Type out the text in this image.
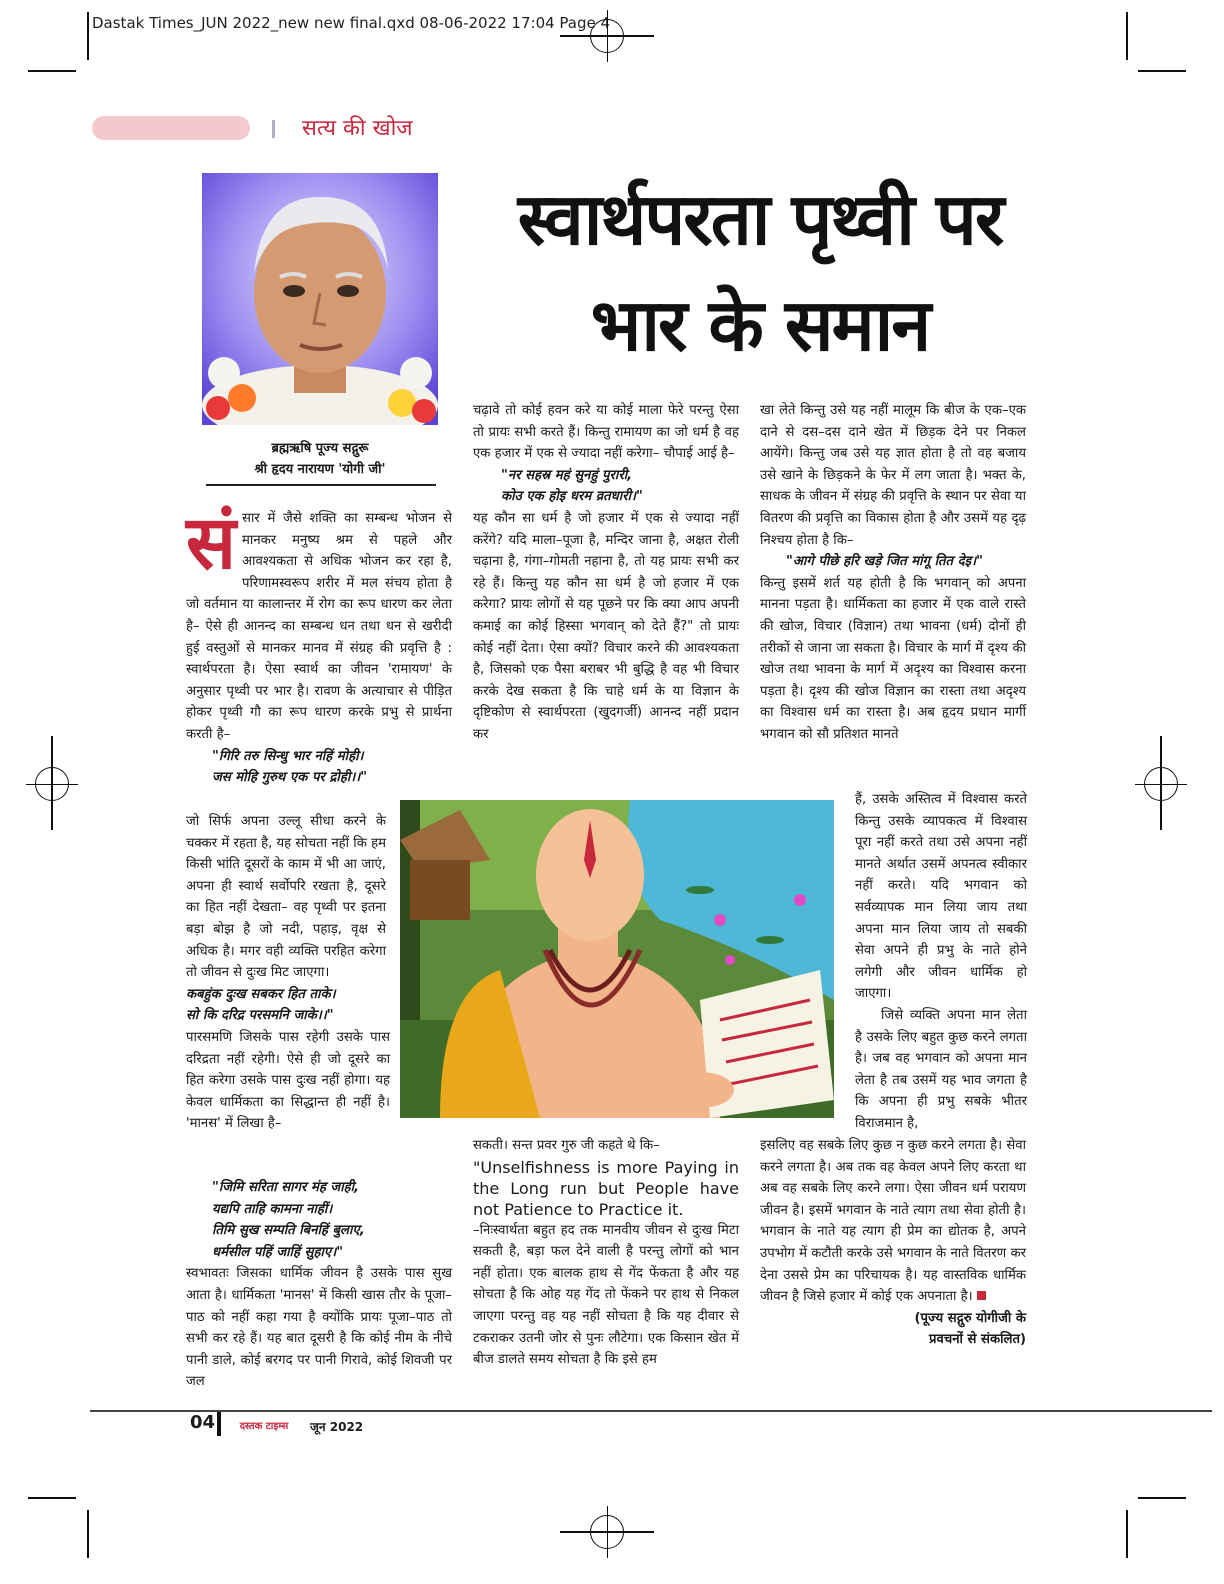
Dastak Times_JUN 2022_new new final.qxd 08-06-2022 17:04 Page 4
सत्य की खोज
ब्रह्मऋषि पूज्य सद्गुरू
श्री हृदय नारायण 'योगी जी'
स्वार्थपरता पृथ्वी पर
भार के समान

संसार में जैसे शक्ति का सम्बन्ध भोजन से मानकर मनुष्य श्रम से पहले और आवश्यकता से अधिक भोजन कर रहा है, परिणामस्वरूप शरीर में मल संचय होता है जो वर्तमान या कालान्तर में रोग का रूप धारण कर लेता है– ऐसे ही आनन्द का सम्बन्ध धन तथा धन से खरीदी हुई वस्तुओं से मानकर मानव में संग्रह की प्रवृत्ति है : स्वार्थपरता है। ऐसा स्वार्थ का जीवन 'रामायण' के अनुसार पृथ्वी पर भार है। रावण के अत्याचार से पीड़ित होकर पृथ्वी गौ का रूप धारण करके प्रभु से प्रार्थना करती है–

"गिरि तरु सिन्धु भार नहिं मोही।

जस मोहि गुरुथ एक पर द्रोही।।"

जो सिर्फ अपना उल्लू सीधा करने के चक्कर में रहता है, यह सोचता नहीं कि हम किसी भांति दूसरों के काम में भी आ जाएं, अपना ही स्वार्थ सर्वोपरि रखता है, दूसरे का हित नहीं देखता– वह पृथ्वी पर इतना बड़ा बोझ है जो नदी, पहाड़, वृक्ष से अधिक है। मगर वही व्यक्ति परहित करेगा तो जीवन से दुःख मिट जाएगा।

कबहुंक दुःख सबकर हित ताके।

सो कि दरिद्र परसमनि जाके।।"

पारसमणि जिसके पास रहेगी उसके पास दरिद्रता नहीं रहेगी। ऐसे ही जो दूसरे का हित करेगा उसके पास दुःख नहीं होगा। यह केवल धार्मिकता का सिद्धान्त ही नहीं है। 'मानस' में लिखा है–

"जिमि सरिता सागर मंह जाही,

यद्यपि ताहि कामना नाहीं।

तिमि सुख सम्पति बिनहिं बुलाए,

धर्मसील पहिं जाहिं सुहाए।"

स्वभावतः जिसका धार्मिक जीवन है उसके पास सुख आता है। धार्मिकता 'मानस' में किसी खास तौर के पूजा–पाठ को नहीं कहा गया है क्योंकि प्रायः पूजा–पाठ तो सभी कर रहे हैं। यह बात दूसरी है कि कोई नीम के नीचे पानी डाले, कोई बरगद पर पानी गिरावे, कोई शिवजी पर जल

चढ़ावे तो कोई हवन करे या कोई माला फेरे परन्तु ऐसा तो प्रायः सभी करते हैं। किन्तु रामायण का जो धर्म है वह एक हजार में एक से ज्यादा नहीं करेगा– चौपाई आई है–

"नर सहस्र महं सुनहुं पुरारी,

कोउ एक होइ धरम व्रतधारी।"

यह कौन सा धर्म है जो हजार में एक से ज्यादा नहीं करेंगे? यदि माला–पूजा है, मन्दिर जाना है, अक्षत रोली चढ़ाना है, गंगा–गोमती नहाना है, तो यह प्रायः सभी कर रहे हैं। किन्तु यह कौन सा धर्म है जो हजार में एक करेगा? प्रायः लोगों से यह पूछने पर कि क्या आप अपनी कमाई का कोई हिस्सा भगवान् को देते हैं?" तो प्रायः कोई नहीं देता। ऐसा क्यों? विचार करने की आवश्यकता है, जिसको एक पैसा बराबर भी बुद्धि है वह भी विचार करके देख सकता है कि चाहे धर्म के या विज्ञान के दृष्टिकोण से स्वार्थपरता (खुदगर्जी) आनन्द नहीं प्रदान कर

सकती। सन्त प्रवर गुरु जी कहते थे कि–

"Unselfishness is more Paying in the Long run but People have not Patience to Practice it.

–निःस्वार्थता बहुत हद तक मानवीय जीवन से दुःख मिटा सकती है, बड़ा फल देने वाली है परन्तु लोगों को भान नहीं होता। एक बालक हाथ से गेंद फेंकता है और यह सोचता है कि ओह यह गेंद तो फेंकने पर हाथ से निकल जाएगा परन्तु वह यह नहीं सोचता है कि यह दीवार से टकराकर उतनी जोर से पुनः लौटेगा। एक किसान खेत में बीज डालते समय सोचता है कि इसे हम

खा लेते किन्तु उसे यह नहीं मालूम कि बीज के एक–एक दाने से दस–दस दाने खेत में छिड़क देने पर निकल आयेंगे। किन्तु जब उसे यह ज्ञात होता है तो वह बजाय उसे खाने के छिड़कने के फेर में लग जाता है। भक्त के, साधक के जीवन में संग्रह की प्रवृत्ति के स्थान पर सेवा या वितरण की प्रवृत्ति का विकास होता है और उसमें यह दृढ़ निश्चय होता है कि–

"आगे पीछे हरि खड़े जित मांगू तित देइ।"

किन्तु इसमें शर्त यह होती है कि भगवान् को अपना मानना पड़ता है। धार्मिकता का हजार में एक वाले रास्ते की खोज, विचार (विज्ञान) तथा भावना (धर्म) दोनों ही तरीकों से जाना जा सकता है। विचार के मार्ग में दृश्य की खोज तथा भावना के मार्ग में अदृश्य का विश्वास करना पड़ता है। दृश्य की खोज विज्ञान का रास्ता तथा अदृश्य का विश्वास धर्म का रास्ता है। अब हृदय प्रधान मार्गी भगवान को सौ प्रतिशत मानते

हैं, उसके अस्तित्व में विश्वास करते किन्तु उसके व्यापकत्व में विश्वास पूरा नहीं करते तथा उसे अपना नहीं मानते अर्थात उसमें अपनत्व स्वीकार नहीं करते। यदि भगवान को सर्वव्यापक मान लिया जाय तथा अपना मान लिया जाय तो सबकी सेवा अपने ही प्रभु के नाते होने लगेगी और जीवन धार्मिक हो जाएगा।

जिसे व्यक्ति अपना मान लेता है उसके लिए बहुत कुछ करने लगता है। जब वह भगवान को अपना मान लेता है तब उसमें यह भाव जगता है कि अपना ही प्रभु सबके भीतर विराजमान है,

इसलिए वह सबके लिए कुछ न कुछ करने लगता है। सेवा करने लगता है। अब तक वह केवल अपने लिए करता था अब वह सबके लिए करने लगा। ऐसा जीवन धर्म परायण जीवन है। इसमें भगवान के नाते त्याग तथा सेवा होती है। भगवान के नाते यह त्याग ही प्रेम का द्योतक है, अपने उपभोग में कटौती करके उसे भगवान के नाते वितरण कर देना उससे प्रेम का परिचायक है। यह वास्तविक धार्मिक जीवन है जिसे हजार में कोई एक अपनाता है।

(पूज्य सद्गुरु योगीजी के

प्रवचनों से संकलित)

04 दस्तक टाइम्स जून 2022
